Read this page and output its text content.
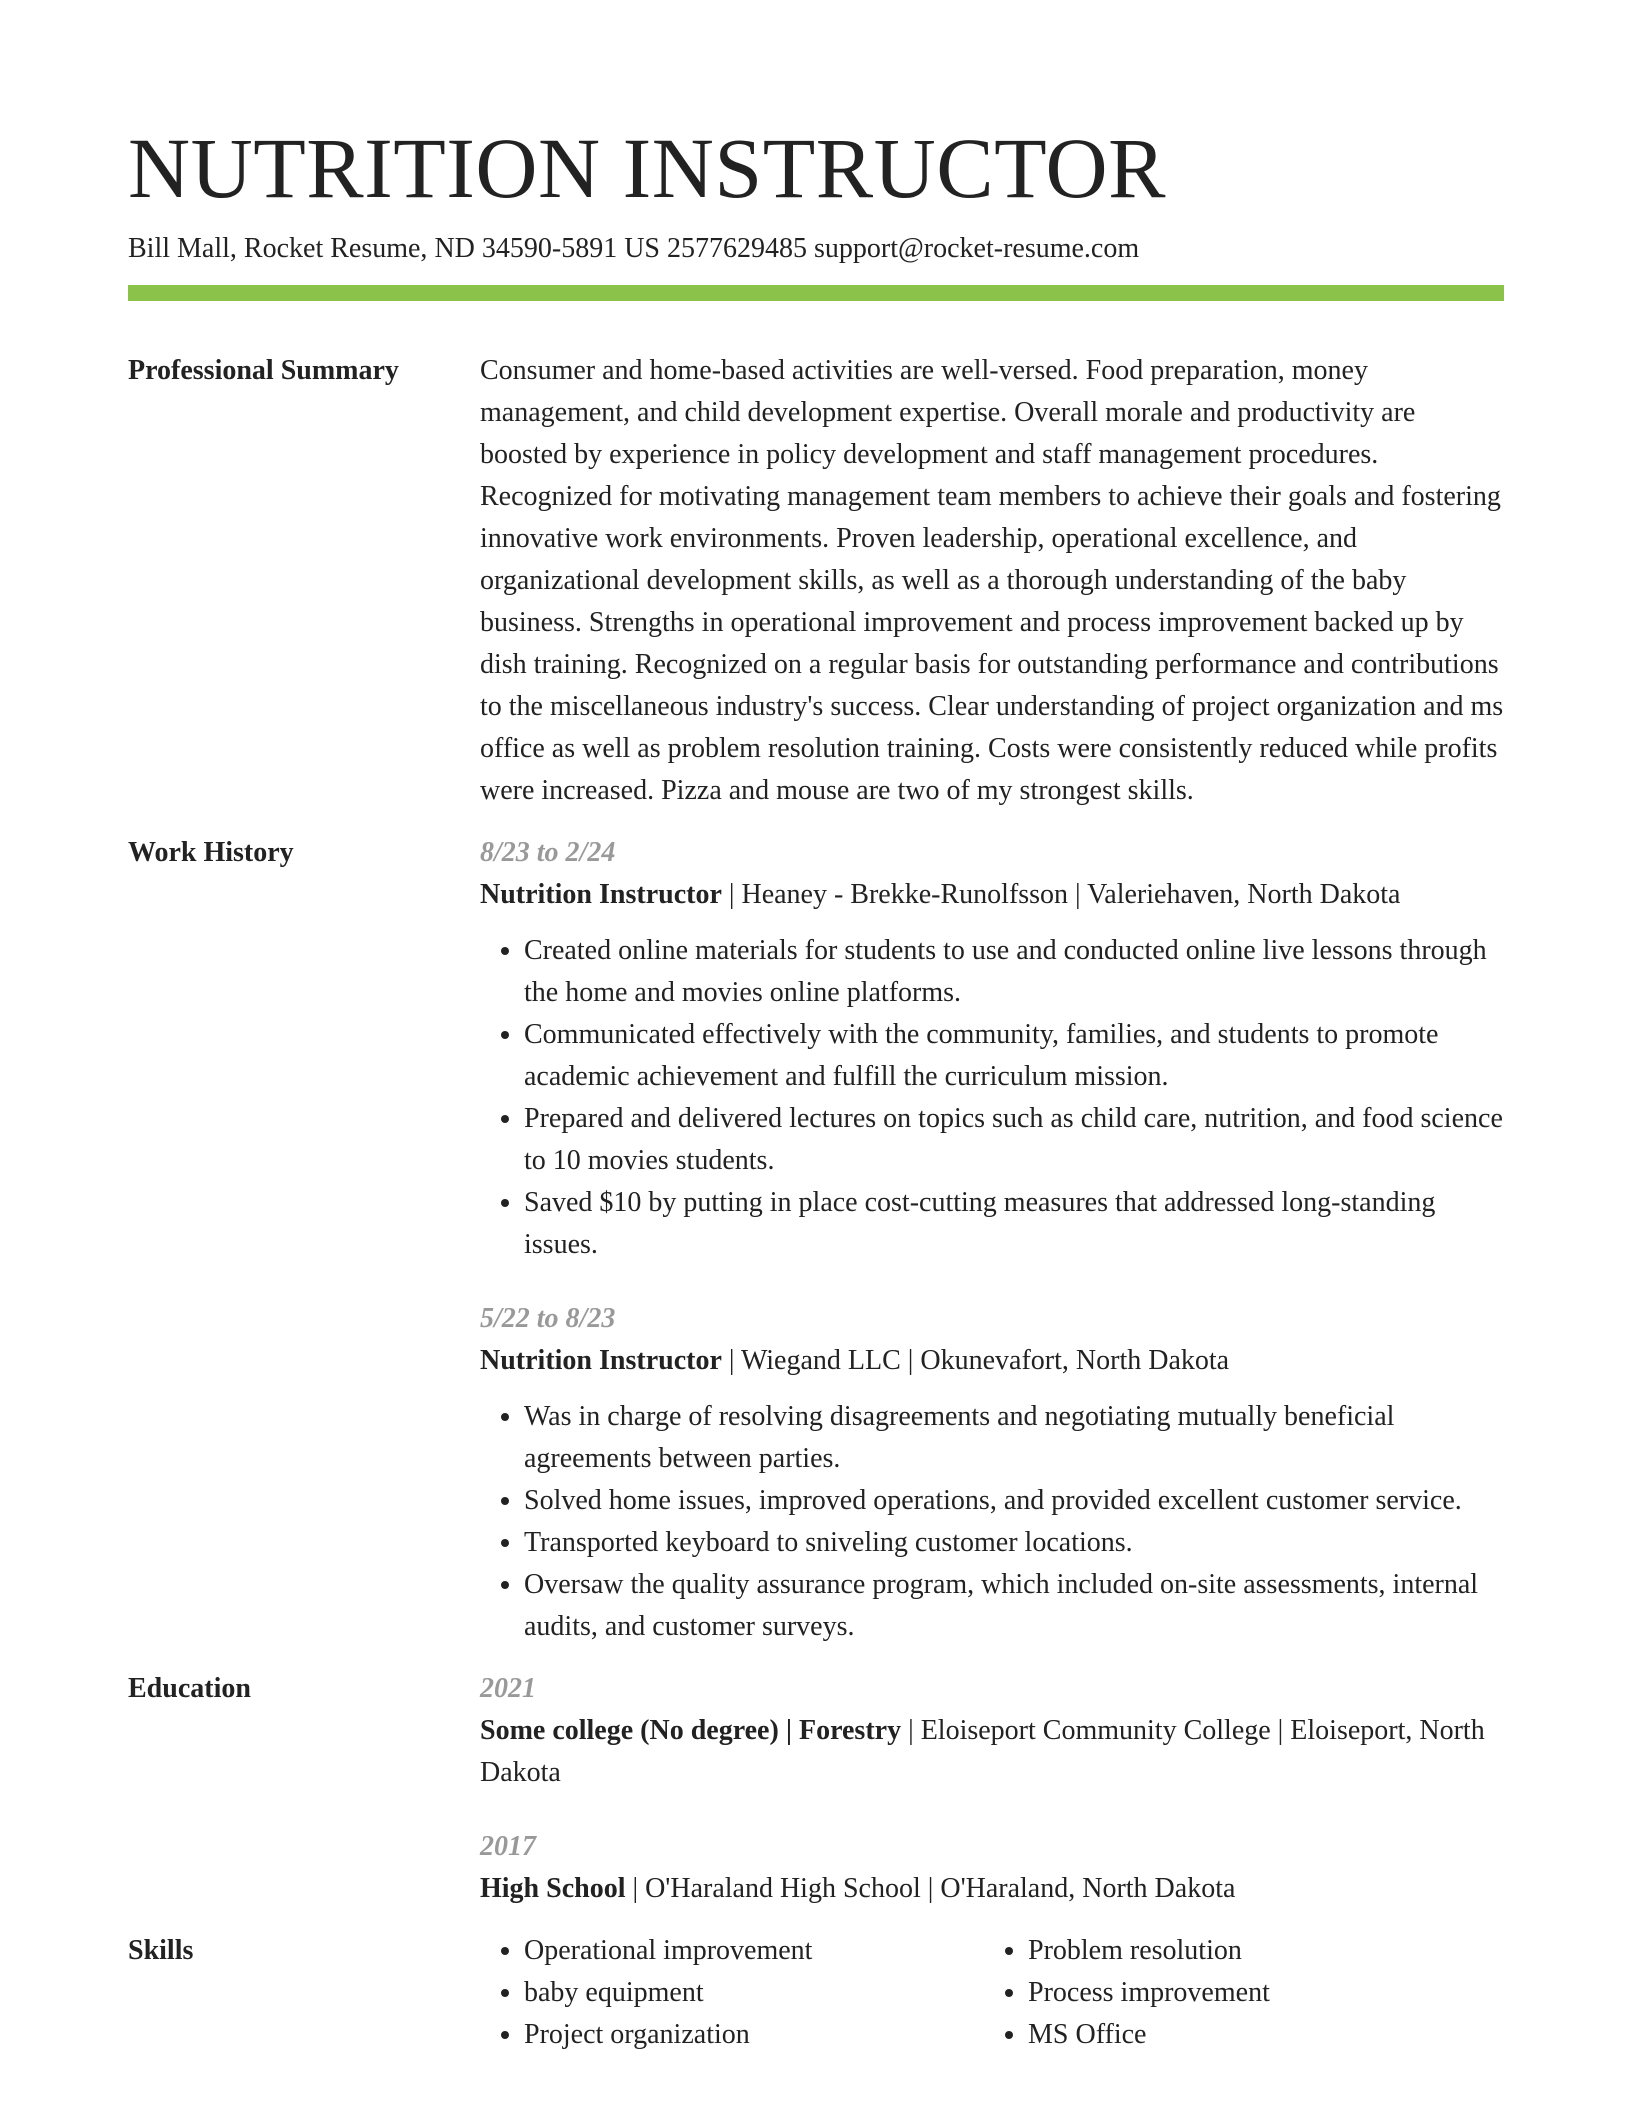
NUTRITION INSTRUCTOR
Bill Mall, Rocket Resume, ND 34590-5891 US 2577629485 support@rocket-resume.com
Professional Summary	Consumer and home-based activities are well-versed. Food preparation, money management, and child development expertise. Overall morale and productivity are boosted by experience in policy development and staff management procedures. Recognized for motivating management team members to achieve their goals and fostering innovative work environments. Proven leadership, operational excellence, and organizational development skills, as well as a thorough understanding of the baby business. Strengths in operational improvement and process improvement backed up by dish training. Recognized on a regular basis for outstanding performance and contributions to the miscellaneous industry's success. Clear understanding of project organization and ms office as well as problem resolution training. Costs were consistently reduced while profits were increased. Pizza and mouse are two of my strongest skills.

Work History	8/23 to 2/24
Nutrition Instructor | Heaney - Brekke-Runolfsson | Valeriehaven, North Dakota
• Created online materials for students to use and conducted online live lessons through the home and movies online platforms.
• Communicated effectively with the community, families, and students to promote academic achievement and fulfill the curriculum mission.
• Prepared and delivered lectures on topics such as child care, nutrition, and food science to 10 movies students.
• Saved $10 by putting in place cost-cutting measures that addressed long-standing issues.
5/22 to 8/23
Nutrition Instructor | Wiegand LLC | Okunevafort, North Dakota
• Was in charge of resolving disagreements and negotiating mutually beneficial agreements between parties.
• Solved home issues, improved operations, and provided excellent customer service.
• Transported keyboard to sniveling customer locations.
• Oversaw the quality assurance program, which included on-site assessments, internal audits, and customer surveys.
Education	2021
Some college (No degree) | Forestry | Eloiseport Community College | Eloiseport, North Dakota
2017
High School | O'Haraland High School | O'Haraland, North Dakota
Skills
•	Operational improvement
• baby equipment
• Project organization
• Problem resolution
• Process improvement
• MS Office
